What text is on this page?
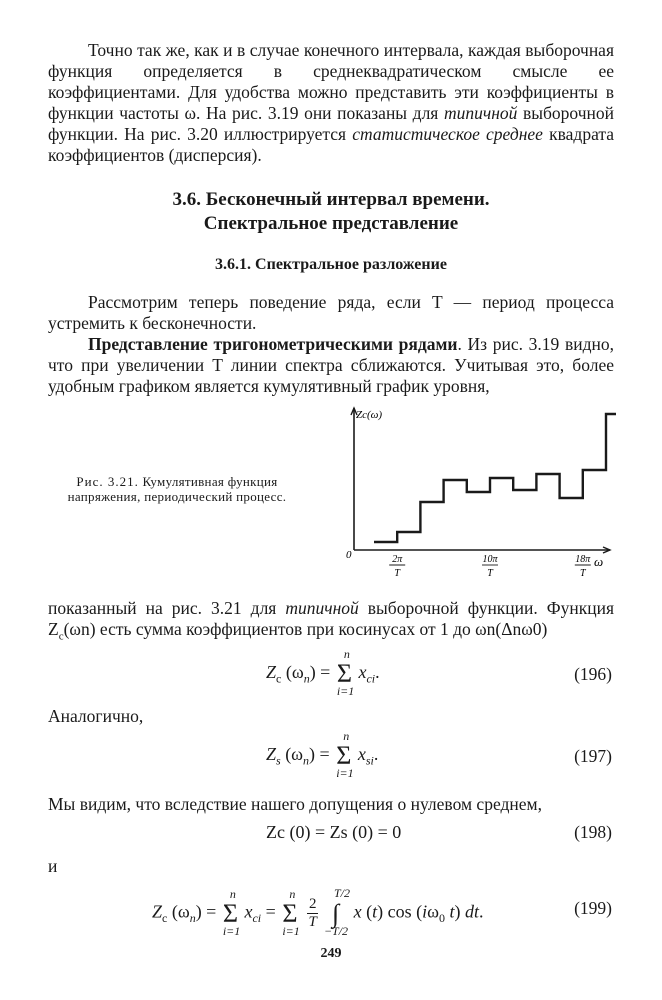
Точно так же, как и в случае конечного интервала, каждая выборочная функция определяется в среднеквадратическом смысле ее коэффициентами. Для удобства можно представить эти коэффициенты в функции частоты ω. На рис. 3.19 они показаны для типичной выборочной функции. На рис. 3.20 иллюстрируется статистическое среднее квадрата коэффициентов (дисперсия).
3.6. Бесконечный интервал времени.
Спектральное представление
3.6.1. Спектральное разложение
Рассмотрим теперь поведение ряда, если T — период процесса устремить к бесконечности.
Представление тригонометрическими рядами. Из рис. 3.19 видно, что при увеличении T линии спектра сближаются. Учитывая это, более удобным графиком является кумулятивный график уровня,
Рис. 3.21. Кумулятивная функция напряжения, периодический процесс.
Zc(ω)
ω
0	2π
T
10π
T
18π
T
показанный на рис. 3.21 для типичной выборочной функции. Функция $Z_c(\omega n)$ есть сумма коэффициентов при косинусах от 1 до ωn(Δnω0)
$Z_c$ $(\omega_n)$ =
n
Σ
i=1
$x_{ci}$.	(196)
Аналогично,
$Z_s$ $(\omega_n)$ =
n
Σ
i=1
$x_{si}$.	(197)
Мы видим, что вследствие нашего допущения о нулевом среднем,
Zc (0) = Zs (0) = 0	(198)
и
$Z_c$ $(\omega_n)$ =
n
Σ
i=1
$x_{ci}$ =
n
Σ
i=1
$\frac{2}{T}$

T/2
∫
−T/2
x (t) $\cos (i\omega_0$ t) dt.	(199)
249
